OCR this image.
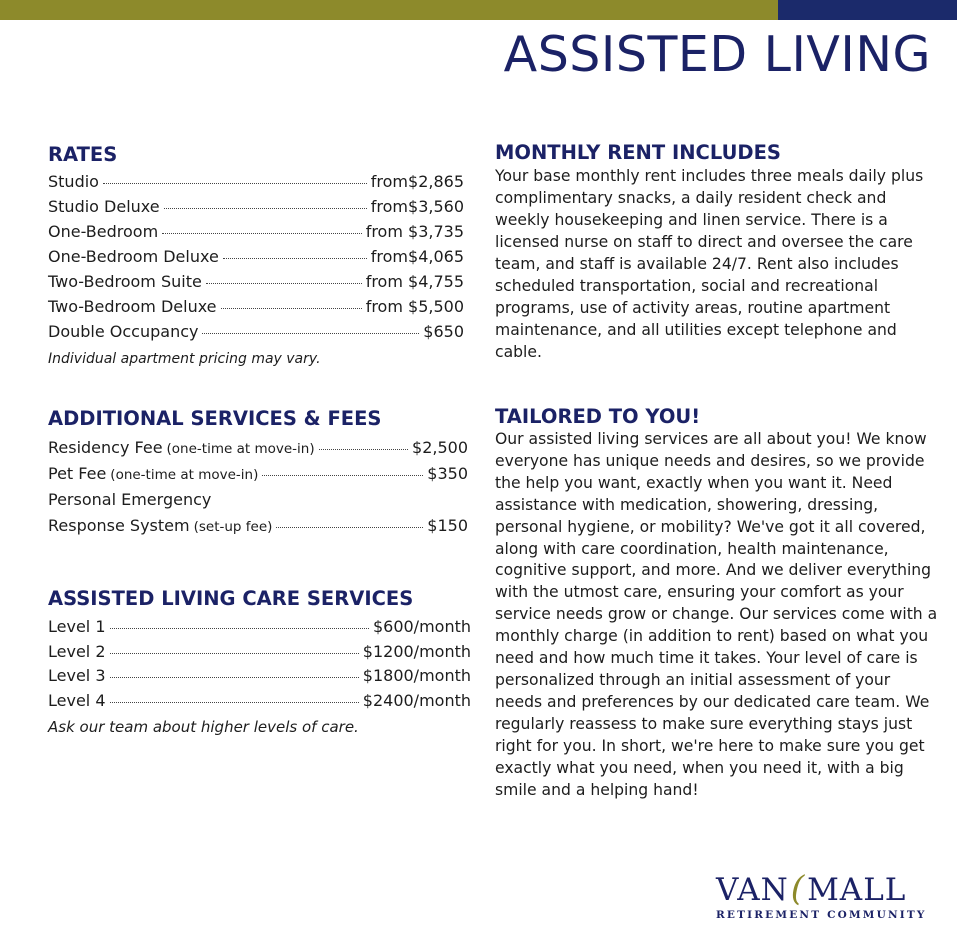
ASSISTED LIVING
RATES
Studio	from$2,865
Studio Deluxe	from$3,560
One-Bedroom	from $3,735
One-Bedroom Deluxe	from$4,065
Two-Bedroom Suite	from $4,755
Two-Bedroom Deluxe	from $5,500
Double Occupancy	$650

Individual apartment pricing may vary.

ADDITIONAL SERVICES & FEES
Residency Fee (one-time at move-in)	$2,500
Pet Fee (one-time at move-in)	$350
Personal Emergency
Response System (set-up fee)	$150
ASSISTED LIVING CARE SERVICES
Level 1	$600/month
Level 2	$1200/month
Level 3	$1800/month
Level 4	$2400/month

Ask our team about higher levels of care.

MONTHLY RENT INCLUDES

Your base monthly rent includes three meals daily plus complimentary snacks, a daily resident check and weekly housekeeping and linen service. There is a licensed nurse on staff to direct and oversee the care team, and staff is available 24/7. Rent also includes scheduled transportation, social and recreational programs, use of activity areas, routine apartment maintenance, and all utilities except telephone and cable.

TAILORED TO YOU!

Our assisted living services are all about you! We know everyone has unique needs and desires, so we provide the help you want, exactly when you want it. Need assistance with medication, showering, dressing, personal hygiene, or mobility? We've got it all covered, along with care coordination, health maintenance, cognitive support, and more. And we deliver everything with the utmost care, ensuring your comfort as your service needs grow or change. Our services come with a monthly charge (in addition to rent) based on what you need and how much time it takes. Your level of care is personalized through an initial assessment of your needs and preferences by our dedicated care team. We regularly reassess to make sure everything stays just right for you. In short, we're here to make sure you get exactly what you need, when you need it, with a big smile and a helping hand!

VAN(MALL
RETIREMENT COMMUNITY
